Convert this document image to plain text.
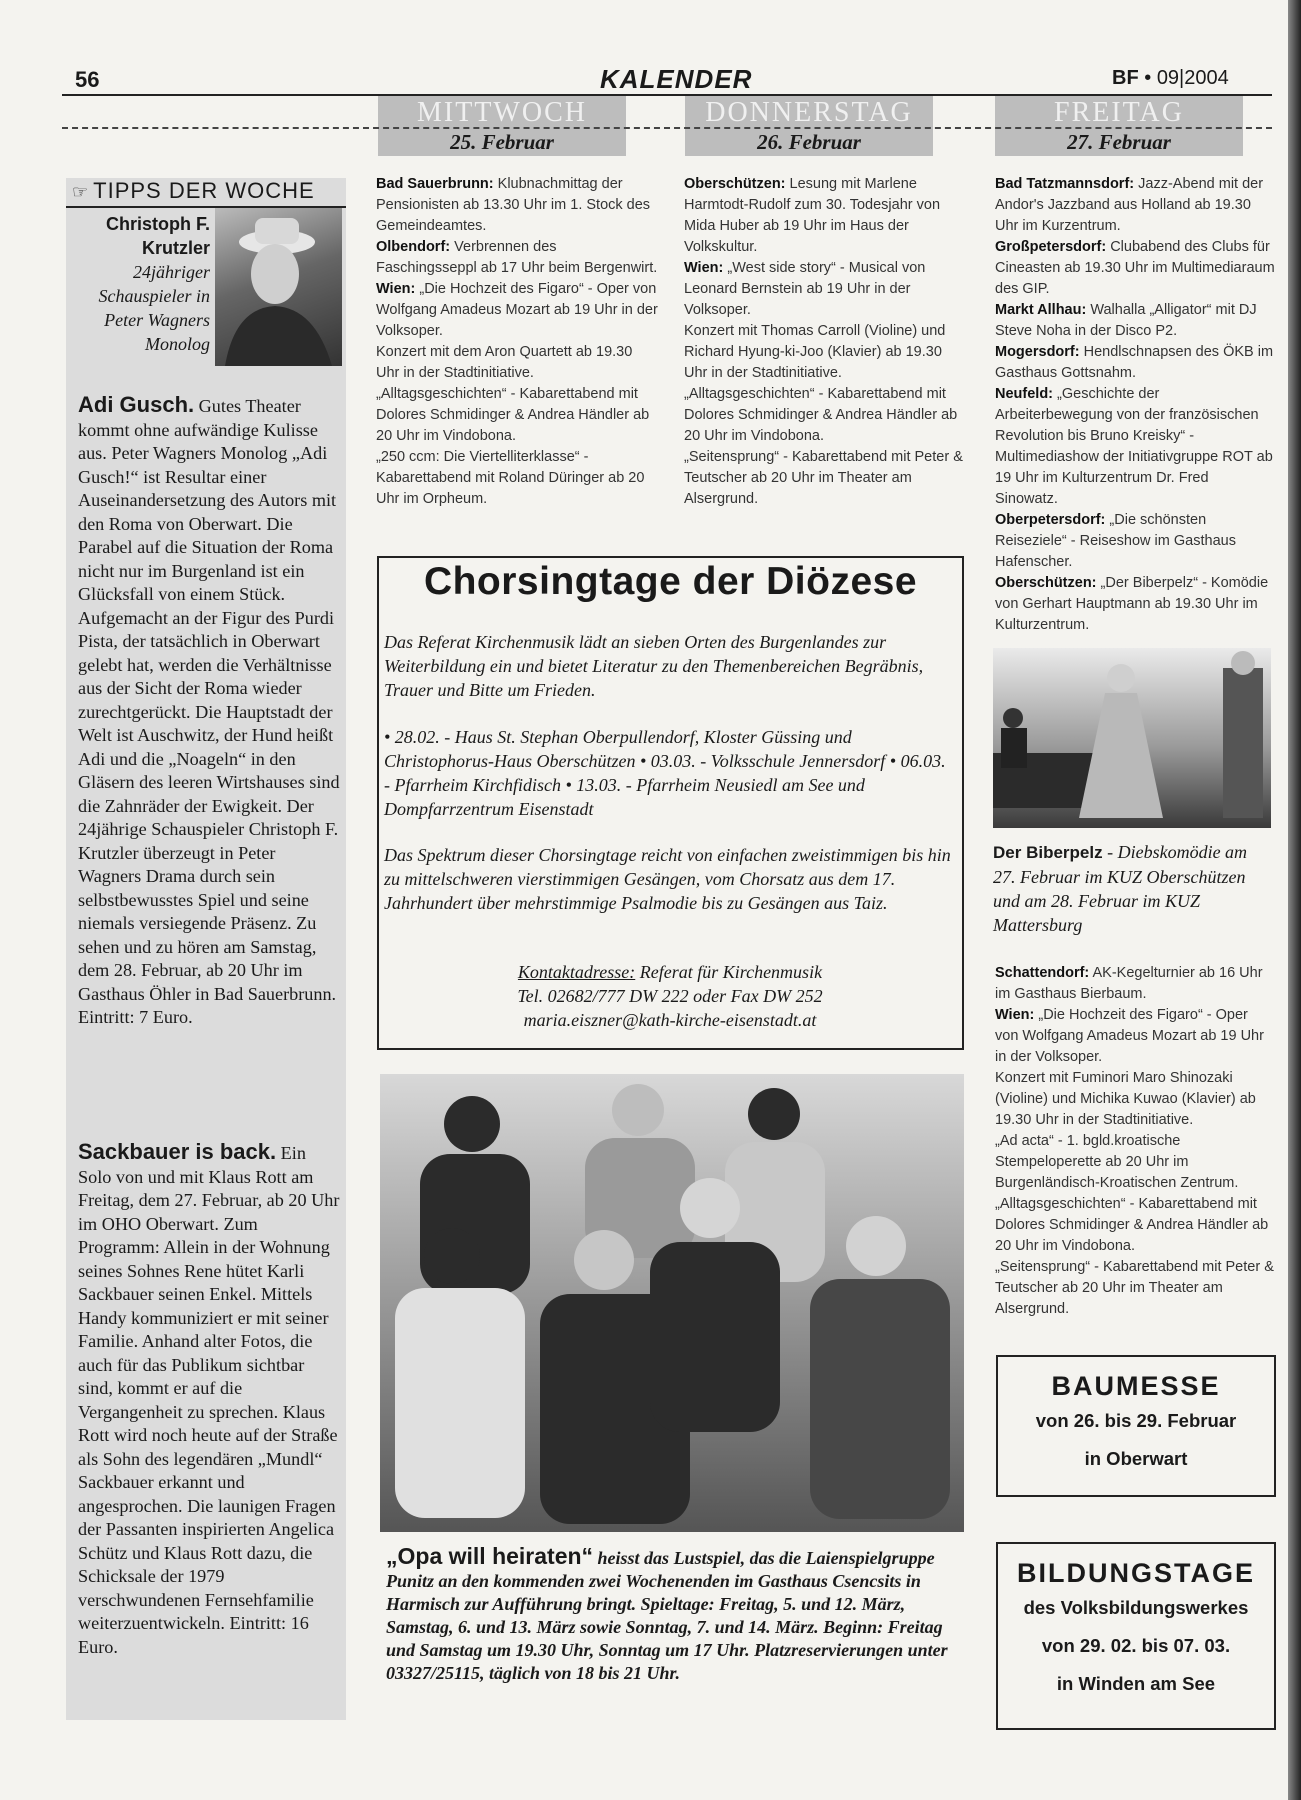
56	KALENDER	BF • 09|2004
MITTWOCH
25. Februar
DONNERSTAG
26. Februar
FREITAG
27. Februar
☞ TIPPS DER WOCHE
Christoph F. Krutzler
24jähriger Schauspieler in Peter Wagners Monolog
Adi Gusch. Gutes Theater kommt ohne aufwändige Kulisse aus. Peter Wagners Monolog „Adi Gusch!“ ist Resultar einer Auseinandersetzung des Autors mit den Roma von Oberwart. Die Parabel auf die Situation der Roma nicht nur im Burgenland ist ein Glücksfall von einem Stück. Aufgemacht an der Figur des Purdi Pista, der tatsächlich in Oberwart gelebt hat, werden die Verhältnisse aus der Sicht der Roma wieder zurechtgerückt. Die Hauptstadt der Welt ist Auschwitz, der Hund heißt Adi und die „Noageln“ in den Gläsern des leeren Wirtshauses sind die Zahnräder der Ewigkeit. Der 24jährige Schauspieler Christoph F. Krutzler überzeugt in Peter Wagners Drama durch sein selbstbewusstes Spiel und seine niemals versiegende Präsenz. Zu sehen und zu hören am Samstag, dem 28. Februar, ab 20 Uhr im Gasthaus Öhler in Bad Sauerbrunn. Eintritt: 7 Euro.
Sackbauer is back. Ein Solo von und mit Klaus Rott am Freitag, dem 27. Februar, ab 20 Uhr im OHO Oberwart. Zum Programm: Allein in der Wohnung seines Sohnes Rene hütet Karli Sackbauer seinen Enkel. Mittels Handy kommuniziert er mit seiner Familie. Anhand alter Fotos, die auch für das Publikum sichtbar sind, kommt er auf die Vergangenheit zu sprechen. Klaus Rott wird noch heute auf der Straße als Sohn des legendären „Mundl“ Sackbauer erkannt und angesprochen. Die launigen Fragen der Passanten inspirierten Angelica Schütz und Klaus Rott dazu, die Schicksale der 1979 verschwundenen Fernsehfamilie weiterzuentwickeln. Eintritt: 16 Euro.

Bad Sauerbrunn: Klubnachmittag der Pensionisten ab 13.30 Uhr im 1. Stock des Gemeindeamtes.

Olbendorf: Verbrennen des Faschingsseppl ab 17 Uhr beim Bergenwirt.

Wien: „Die Hochzeit des Figaro“ - Oper von Wolfgang Amadeus Mozart ab 19 Uhr in der Volksoper.

Konzert mit dem Aron Quartett ab 19.30 Uhr in der Stadtinitiative.

„Alltagsgeschichten“ - Kabarettabend mit Dolores Schmidinger & Andrea Händler ab 20 Uhr im Vindobona.

„250 ccm: Die Viertelliterklasse“ - Kabarettabend mit Roland Düringer ab 20 Uhr im Orpheum.

Oberschützen: Lesung mit Marlene Harmtodt-Rudolf zum 30. Todesjahr von Mida Huber ab 19 Uhr im Haus der Volkskultur.

Wien: „West side story“ - Musical von Leonard Bernstein ab 19 Uhr in der Volksoper.

Konzert mit Thomas Carroll (Violine) und Richard Hyung-ki-Joo (Klavier) ab 19.30 Uhr in der Stadtinitiative.

„Alltagsgeschichten“ - Kabarettabend mit Dolores Schmidinger & Andrea Händler ab 20 Uhr im Vindobona.

„Seitensprung“ - Kabarettabend mit Peter & Teutscher ab 20 Uhr im Theater am Alsergrund.

Bad Tatzmannsdorf: Jazz-Abend mit der Andor's Jazzband aus Holland ab 19.30 Uhr im Kurzentrum.

Großpetersdorf: Clubabend des Clubs für Cineasten ab 19.30 Uhr im Multimediaraum des GIP.

Markt Allhau: Walhalla „Alligator“ mit DJ Steve Noha in der Disco P2.

Mogersdorf: Hendlschnapsen des ÖKB im Gasthaus Gottsnahm.

Neufeld: „Geschichte der Arbeiterbewegung von der französischen Revolution bis Bruno Kreisky“ - Multimediashow der Initiativgruppe ROT ab 19 Uhr im Kulturzentrum Dr. Fred Sinowatz.

Oberpetersdorf: „Die schönsten Reiseziele“ - Reiseshow im Gasthaus Hafenscher.

Oberschützen: „Der Biberpelz“ - Komödie von Gerhart Hauptmann ab 19.30 Uhr im Kulturzentrum.

Chorsingtage der Diözese
Das Referat Kirchenmusik lädt an sieben Orten des Burgenlandes zur Weiterbildung ein und bietet Literatur zu den Themenbereichen Begräbnis, Trauer und Bitte um Frieden.
• 28.02. - Haus St. Stephan Oberpullendorf, Kloster Güssing und Christophorus-Haus Oberschützen • 03.03. - Volksschule Jennersdorf • 06.03. - Pfarrheim Kirchfidisch • 13.03. - Pfarrheim Neusiedl am See und Dompfarrzentrum Eisenstadt
Das Spektrum dieser Chorsingtage reicht von einfachen zweistimmigen bis hin zu mittelschweren vierstimmigen Gesängen, vom Chorsatz aus dem 17. Jahrhundert über mehrstimmige Psalmodie bis zu Gesängen aus Taiz.
Kontaktadresse: Referat für Kirchenmusik
Tel. 02682/777 DW 222 oder Fax DW 252
maria.eiszner@kath-kirche-eisenstadt.at
„Opa will heiraten“ heisst das Lustspiel, das die Laienspielgruppe Punitz an den kommenden zwei Wochenenden im Gasthaus Csencsits in Harmisch zur Aufführung bringt. Spieltage: Freitag, 5. und 12. März, Samstag, 6. und 13. März sowie Sonntag, 7. und 14. März. Beginn: Freitag und Samstag um 19.30 Uhr, Sonntag um 17 Uhr. Platzreservierungen unter 03327/25115, täglich von 18 bis 21 Uhr.
Der Biberpelz - Diebskomödie am 27. Februar im KUZ Oberschützen und am 28. Februar im KUZ Mattersburg

Schattendorf: AK-Kegelturnier ab 16 Uhr im Gasthaus Bierbaum.

Wien: „Die Hochzeit des Figaro“ - Oper von Wolfgang Amadeus Mozart ab 19 Uhr in der Volksoper.

Konzert mit Fuminori Maro Shinozaki (Violine) und Michika Kuwao (Klavier) ab 19.30 Uhr in der Stadtinitiative.

„Ad acta“ - 1. bgld.kroatische Stempeloperette ab 20 Uhr im Burgenländisch-Kroatischen Zentrum.

„Alltagsgeschichten“ - Kabarettabend mit Dolores Schmidinger & Andrea Händler ab 20 Uhr im Vindobona.

„Seitensprung“ - Kabarettabend mit Peter & Teutscher ab 20 Uhr im Theater am Alsergrund.

BAUMESSE
von 26. bis 29. Februar
in Oberwart
BILDUNGSTAGE
des Volksbildungswerkes
von 29. 02. bis 07. 03.
in Winden am See
